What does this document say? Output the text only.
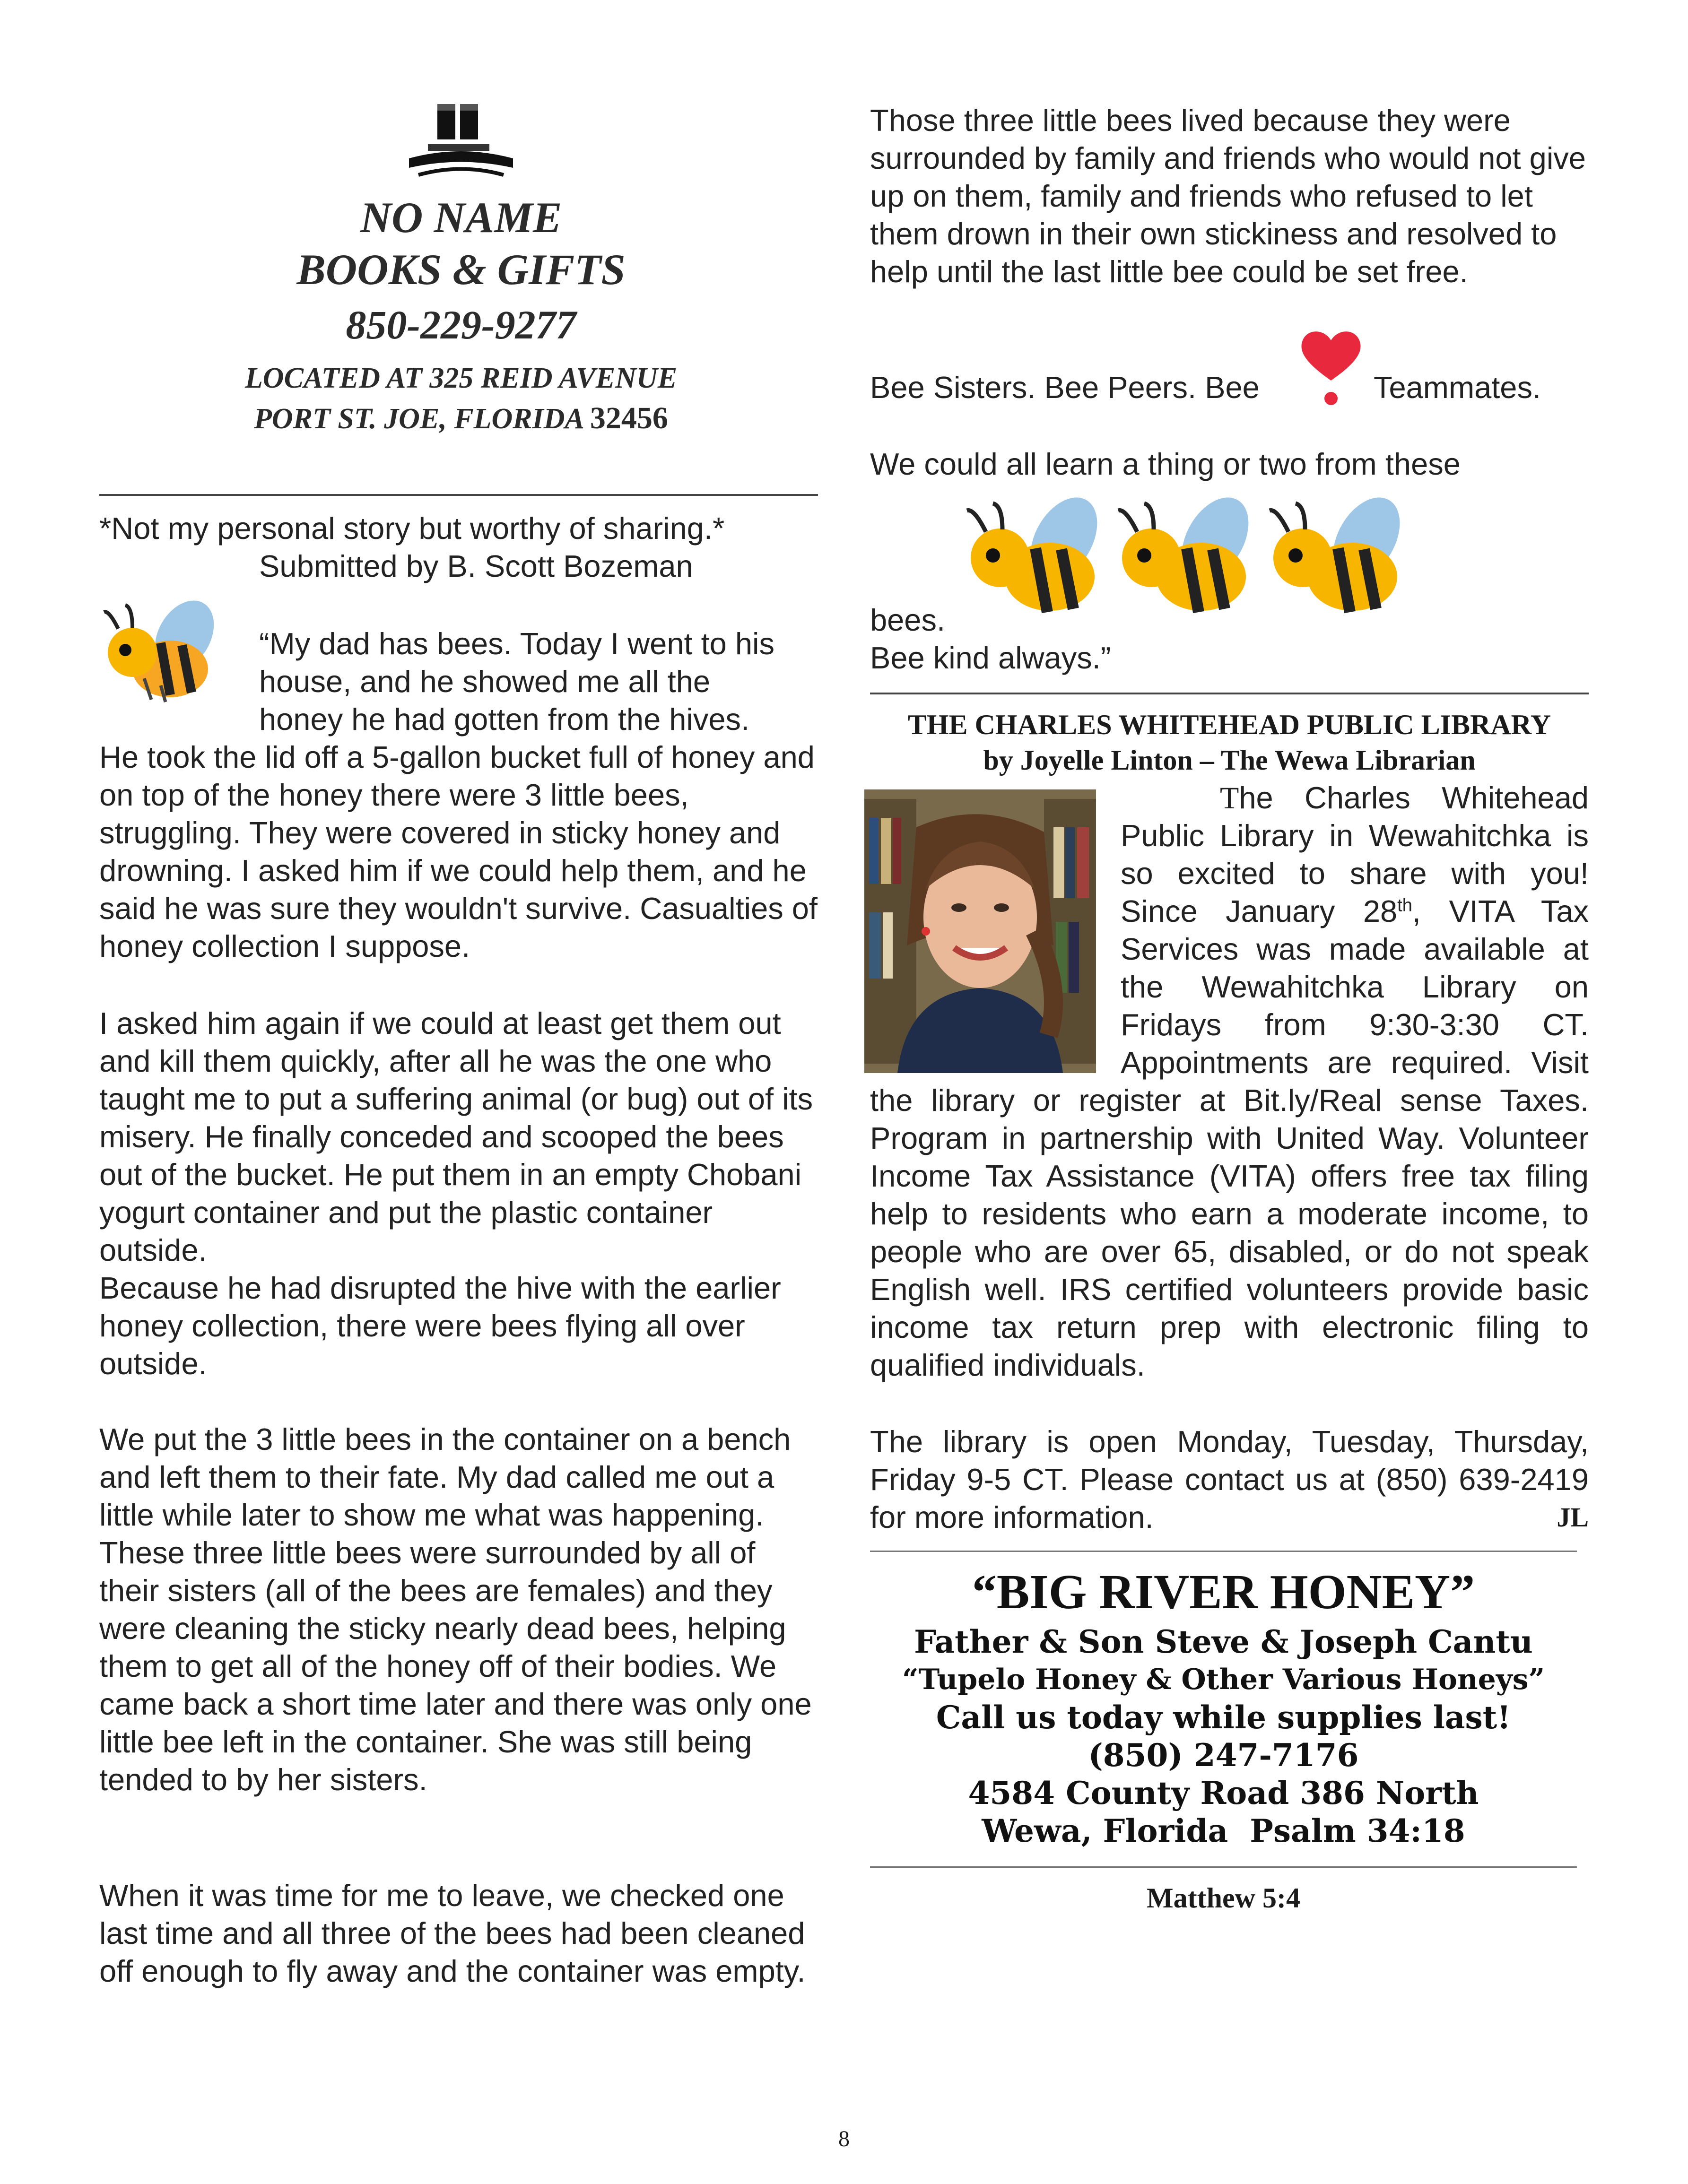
NO NAME
BOOKS & GIFTS
850-229-9277
LOCATED AT 325 REID AVENUE
PORT ST. JOE, FLORIDA 32456
*Not my personal story but worthy of sharing.*
Submitted by B. Scott Bozeman
“My dad has bees. Today I went to his
house, and he showed me all the
honey he had gotten from the hives.
He took the lid off a 5-gallon bucket full of honey and on top of the honey there were 3 little bees, struggling. They were covered in sticky honey and drowning. I asked him if we could help them, and he said he was sure they wouldn't survive. Casualties of honey collection I suppose.
I asked him again if we could at least get them out and kill them quickly, after all he was the one who taught me to put a suffering animal (or bug) out of its misery. He finally conceded and scooped the bees out of the bucket. He put them in an empty Chobani yogurt container and put the plastic container outside.
Because he had disrupted the hive with the earlier honey collection, there were bees flying all over outside.
We put the 3 little bees in the container on a bench and left them to their fate. My dad called me out a little while later to show me what was happening. These three little bees were surrounded by all of their sisters (all of the bees are females) and they were cleaning the sticky nearly dead bees, helping them to get all of the honey off of their bodies. We came back a short time later and there was only one little bee left in the container. She was still being tended to by her sisters.
When it was time for me to leave, we checked one last time and all three of the bees had been cleaned off enough to fly away and the container was empty.
Those three little bees lived because they were surrounded by family and friends who would not give up on them, family and friends who refused to let them drown in their own stickiness and resolved to help until the last little bee could be set free.
Bee Sisters. Bee Peers. Bee	Teammates.
We could all learn a thing or two from these
bees.
Bee kind always.”
THE CHARLES WHITEHEAD PUBLIC LIBRARY
by Joyelle Linton – The Wewa Librarian
The Charles Whitehead
Public Library in Wewahitchka is
so excited to share with you!
Since January 28th, VITA Tax
Services was made available at
the Wewahitchka Library on
Fridays from 9:30-3:30 CT.
Appointments are required. Visit
the library or register at Bit.ly/Real sense Taxes. Program in partnership with United Way. Volunteer Income Tax Assistance (VITA) offers free tax filing help to residents who earn a moderate income, to people who are over 65, disabled, or do not speak English well. IRS certified volunteers provide basic income tax return prep with electronic filing to qualified individuals.
The library is open Monday, Tuesday, Thursday, Friday 9-5 CT. Please contact us at (850) 639-2419 for more information.	JL
“BIG RIVER HONEY”
Father & Son Steve & Joseph Cantu
“Tupelo Honey & Other Various Honeys”
Call us today while supplies last!
(850) 247-7176
4584 County Road 386 North
Wewa, Florida  Psalm 34:18
Matthew 5:4
8
